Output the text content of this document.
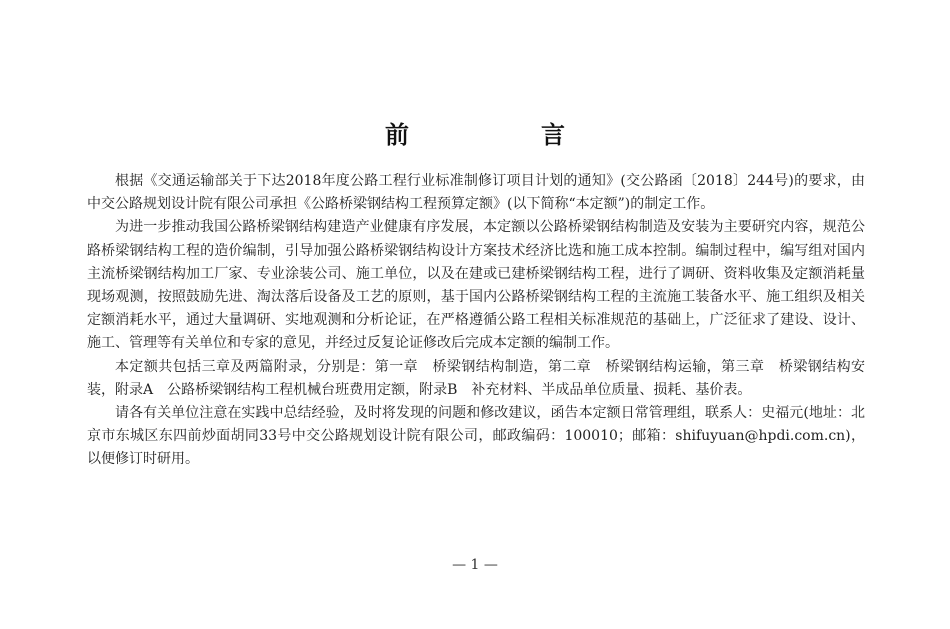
前　言

根据《交通运输部关于下达2018年度公路工程行业标准制修订项目计划的通知》(交公路函〔2018〕244号)的要求，由中交公路规划设计院有限公司承担《公路桥梁钢结构工程预算定额》(以下简称“本定额”)的制定工作。

为进一步推动我国公路桥梁钢结构建造产业健康有序发展，本定额以公路桥梁钢结构制造及安装为主要研究内容，规范公路桥梁钢结构工程的造价编制，引导加强公路桥梁钢结构设计方案技术经济比选和施工成本控制。编制过程中，编写组对国内主流桥梁钢结构加工厂家、专业涂装公司、施工单位，以及在建或已建桥梁钢结构工程，进行了调研、资料收集及定额消耗量现场观测，按照鼓励先进、淘汰落后设备及工艺的原则，基于国内公路桥梁钢结构工程的主流施工装备水平、施工组织及相关定额消耗水平，通过大量调研、实地观测和分析论证，在严格遵循公路工程相关标准规范的基础上，广泛征求了建设、设计、施工、管理等有关单位和专家的意见，并经过反复论证修改后完成本定额的编制工作。

本定额共包括三章及两篇附录，分别是：第一章　桥梁钢结构制造，第二章　桥梁钢结构运输，第三章　桥梁钢结构安装，附录A　公路桥梁钢结构工程机械台班费用定额，附录B　补充材料、半成品单位质量、损耗、基价表。

请各有关单位注意在实践中总结经验，及时将发现的问题和修改建议，函告本定额日常管理组，联系人：史福元(地址：北京市东城区东四前炒面胡同33号中交公路规划设计院有限公司，邮政编码：100010；邮箱：shifuyuan@hpdi.com.cn)，以便修订时研用。

— 1 —
